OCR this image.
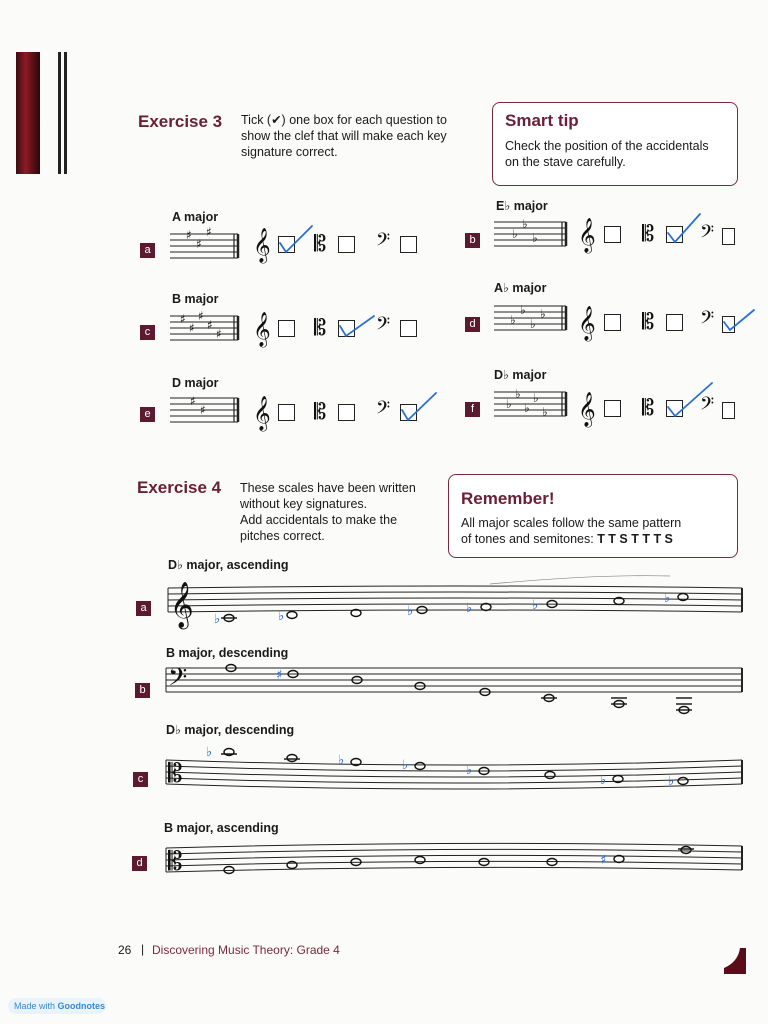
Exercise 3 Tick (✔) one box for each question to
show the clef that will make each key
signature correct.
Smart tip
Check the position of the accidentals
on the stave carefully.
A major
E♭ major
B major
A♭ major
D major
D♭ major
a
b
c
d
e	f
♯
♯
♯	♭
♭
♭
♯
♯
♯
♯
♯
♭
♭
♭
♭
♯
♯	♭
♭
♭
♭
♭
𝄞 𝄡 𝄢
𝄞 𝄡 𝄢
𝄞 𝄡 𝄢
𝄞 𝄡 𝄢
𝄞 𝄡 𝄢
𝄞 𝄡 𝄢
Exercise 4 These scales have been written
without key signatures.
Add accidentals to make the
pitches correct.
Remember!
All major scales follow the same pattern
of tones and semitones: T T S T T T S
D♭ major, ascending
B major, descending
D♭ major, descending
B major, ascending
a
b
c
d
𝄞
𝄢
𝄡
𝄡
♭	♭	♭	♭	♭	♭
♯
♭
♭	♭	♭
♭	♭
♯
26 | Discovering Music Theory: Grade 4
Made with Goodnotes
